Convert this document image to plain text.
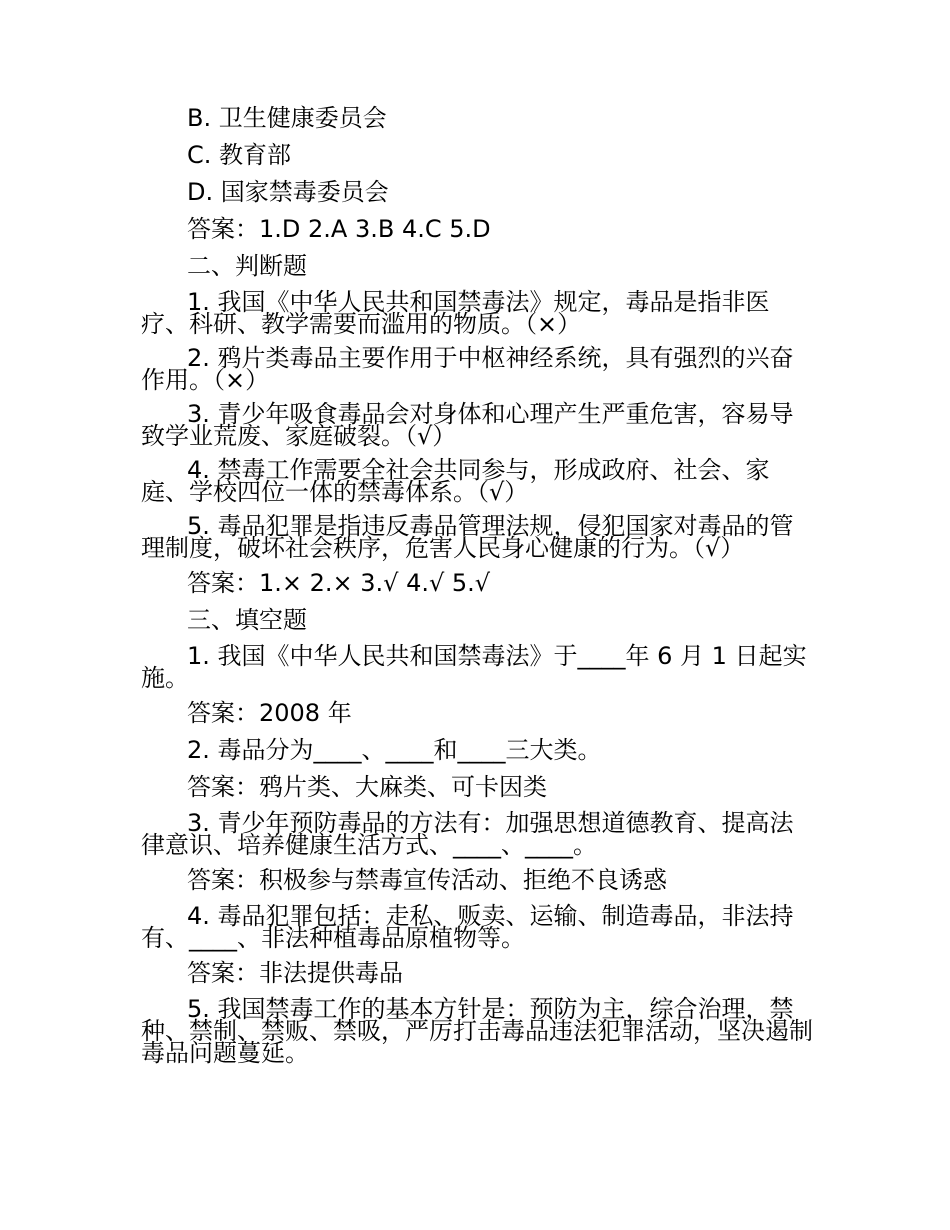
B. 卫生健康委员会

C. 教育部

D. 国家禁毒委员会

答案：1.D 2.A 3.B 4.C 5.D

二、判断题

1. 我国《中华人民共和国禁毒法》规定，毒品是指非医疗、科研、教学需要而滥用的物质。（×）

2. 鸦片类毒品主要作用于中枢神经系统，具有强烈的兴奋作用。（×）

3. 青少年吸食毒品会对身体和心理产生严重危害，容易导致学业荒废、家庭破裂。（√）

4. 禁毒工作需要全社会共同参与，形成政府、社会、家庭、学校四位一体的禁毒体系。（√）

5. 毒品犯罪是指违反毒品管理法规，侵犯国家对毒品的管理制度，破坏社会秩序，危害人民身心健康的行为。（√）

答案：1.× 2.× 3.√ 4.√ 5.√

三、填空题

1. 我国《中华人民共和国禁毒法》于____年 6 月 1 日起实施。

答案：2008 年

2. 毒品分为____、____和____三大类。

答案：鸦片类、大麻类、可卡因类

3. 青少年预防毒品的方法有：加强思想道德教育、提高法律意识、培养健康生活方式、____、____。

答案：积极参与禁毒宣传活动、拒绝不良诱惑

4. 毒品犯罪包括：走私、贩卖、运输、制造毒品，非法持有、____、非法种植毒品原植物等。

答案：非法提供毒品

5. 我国禁毒工作的基本方针是：预防为主，综合治理，禁种、禁制、禁贩、禁吸，严厉打击毒品违法犯罪活动，坚决遏制毒品问题蔓延。
